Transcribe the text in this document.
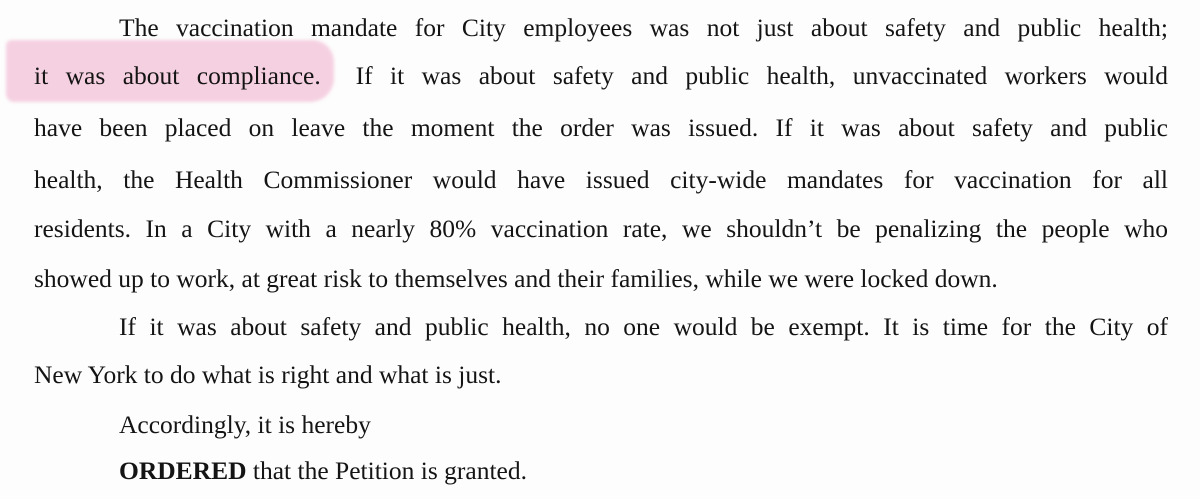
The vaccination mandate for City employees was not just about safety and public health;
it was about compliance. If it was about safety and public health, unvaccinated workers would
have been placed on leave the moment the order was issued. If it was about safety and public
health, the Health Commissioner would have issued city-wide mandates for vaccination for all
residents. In a City with a nearly 80% vaccination rate, we shouldn’t be penalizing the people who
showed up to work, at great risk to themselves and their families, while we were locked down.
If it was about safety and public health, no one would be exempt. It is time for the City of
New York to do what is right and what is just.
Accordingly, it is hereby
ORDERED that the Petition is granted.
